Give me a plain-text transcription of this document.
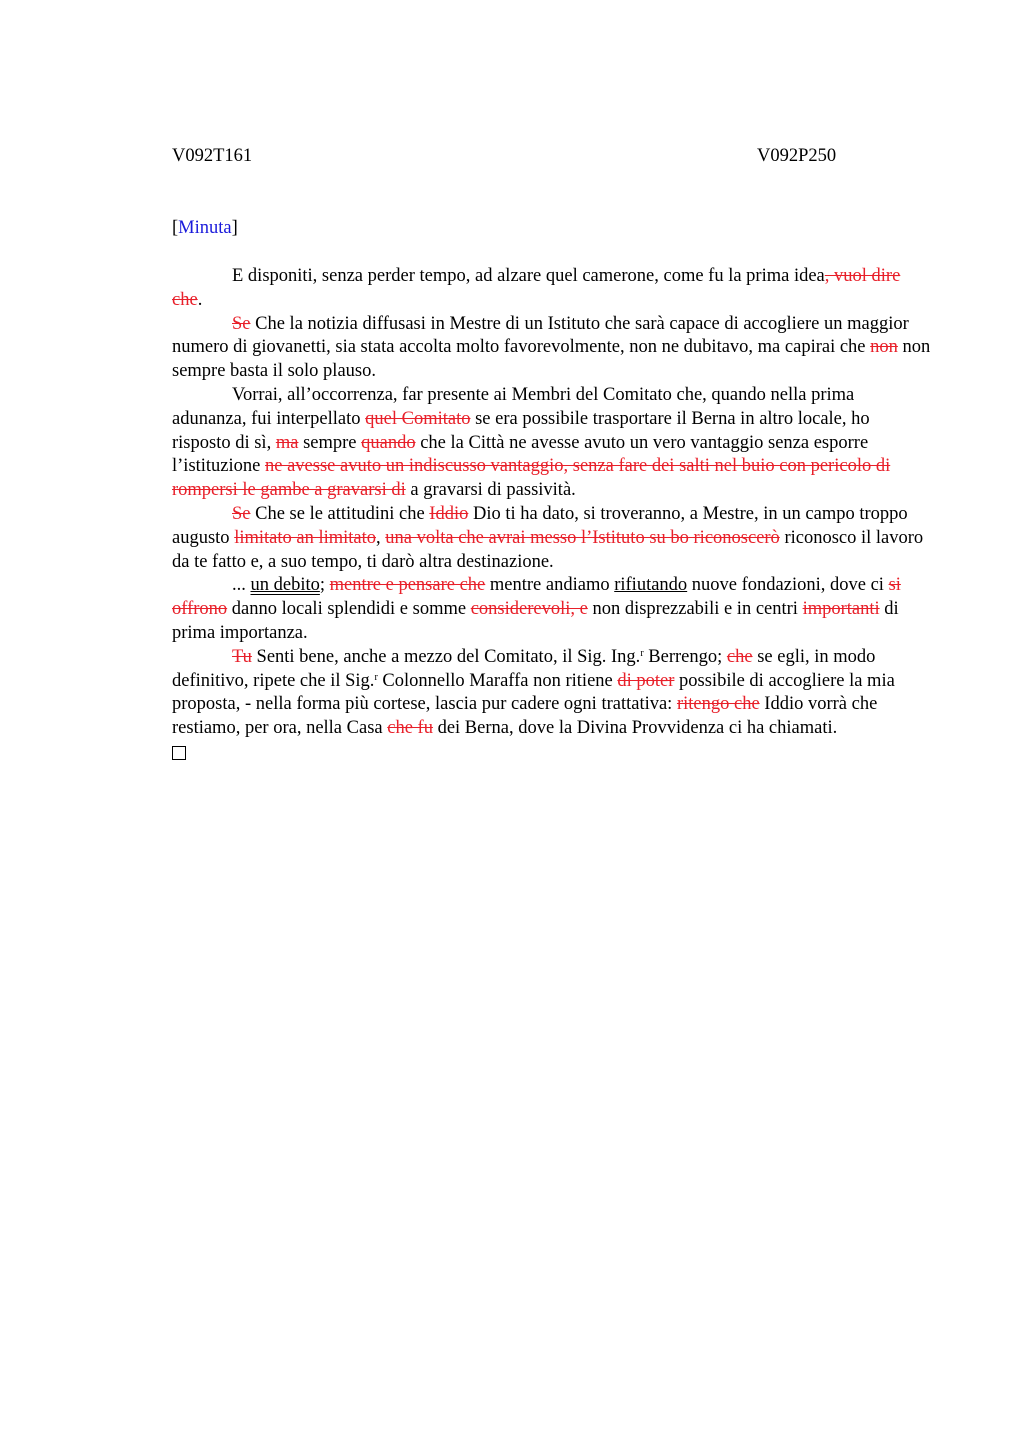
V092T161	V092P250
[Minuta]

E disponiti, senza perder tempo, ad alzare quel camerone, come fu la prima idea, vuol dire che.

Se Che la notizia diffusasi in Mestre di un Istituto che sarà capace di accogliere un maggior numero di giovanetti, sia stata accolta molto favorevolmente, non ne dubitavo, ma capirai che non non sempre basta il solo plauso.

Vorrai, all’occorrenza, far presente ai Membri del Comitato che, quando nella prima adunanza, fui interpellato quel Comitato se era possibile trasportare il Berna in altro locale, ho risposto di sì, ma sempre quando che la Città ne avesse avuto un vero vantaggio senza esporre l’istituzione ne avesse avuto un indiscusso vantaggio, senza fare dei salti nel buio con pericolo di rompersi le gambe a gravarsi di a gravarsi di passività.

Se Che se le attitudini che Iddio Dio ti ha dato, si troveranno, a Mestre, in un campo troppo augusto limitato an limitato, una volta che avrai messo l’Istituto su bo riconoscerò riconosco il lavoro da te fatto e, a suo tempo, ti darò altra destinazione.

... un debito; mentre e pensare che mentre andiamo rifiutando nuove fondazioni, dove ci si offrono danno locali splendidi e somme considerevoli, e non disprezzabili e in centri importanti di prima importanza.

Tu Senti bene, anche a mezzo del Comitato, il Sig. Ing.$^r$ Berrengo; che se egli, in modo definitivo, ripete che il Sig.$^r$ Colonnello Maraffa non ritiene di poter possibile di accogliere la mia proposta, - nella forma più cortese, lascia pur cadere ogni trattativa: ritengo che Iddio vorrà che restiamo, per ora, nella Casa che fu dei Berna, dove la Divina Provvidenza ci ha chiamati.
